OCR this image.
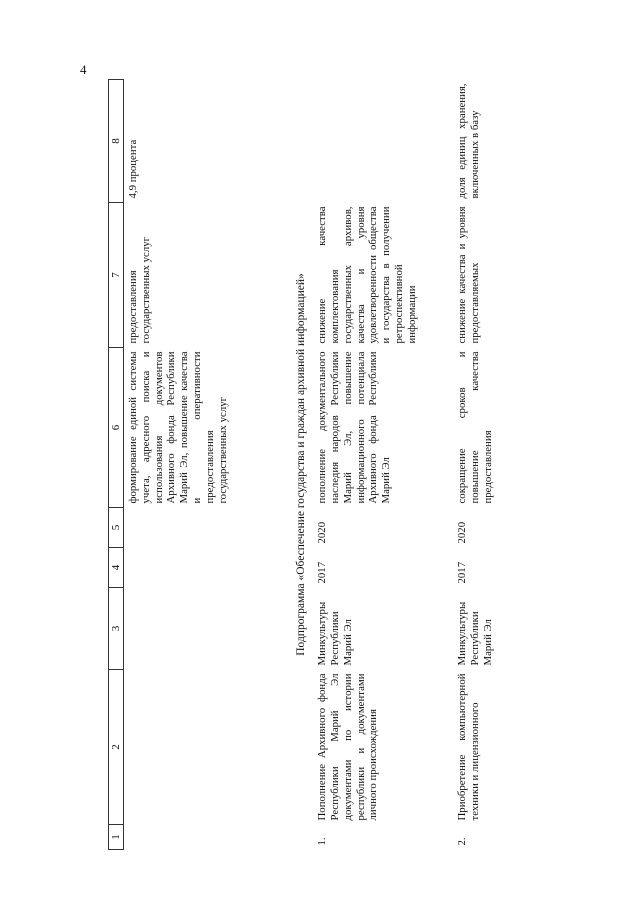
4
1	2	3	4	5	6	7	8
					формирование единой системы учета, адресного поиска и использования документов Архивного фонда Республики Марий Эл, повышение качества и оперативности предоставления государственных услуг	предоставления государственных услуг	4,9 процента
Подпрограмма «Обеспечение государства и граждан архивной информацией»							
1.	Пополнение Архивного фонда Республики Марий Эл документами по истории республики и документами личного происхождения	Минкультуры Республики Марий Эл	2017	2020	пополнение документального наследия народов Республики Марий Эл, повышение информационного потенциала Архивного фонда Республики Марий Эл	снижение качества комплектования государственных архивов, качества и уровня удовлетворенности общества и государства в получении ретроспективной информации	
2.	Приобретение компьютерной техники и лицензионного	Минкультуры Республики Марий Эл	2017	2020	сокращение сроков и повышение качества предоставления	снижение качества и уровня предоставляемых	доля единиц хранения, включенных в базу
